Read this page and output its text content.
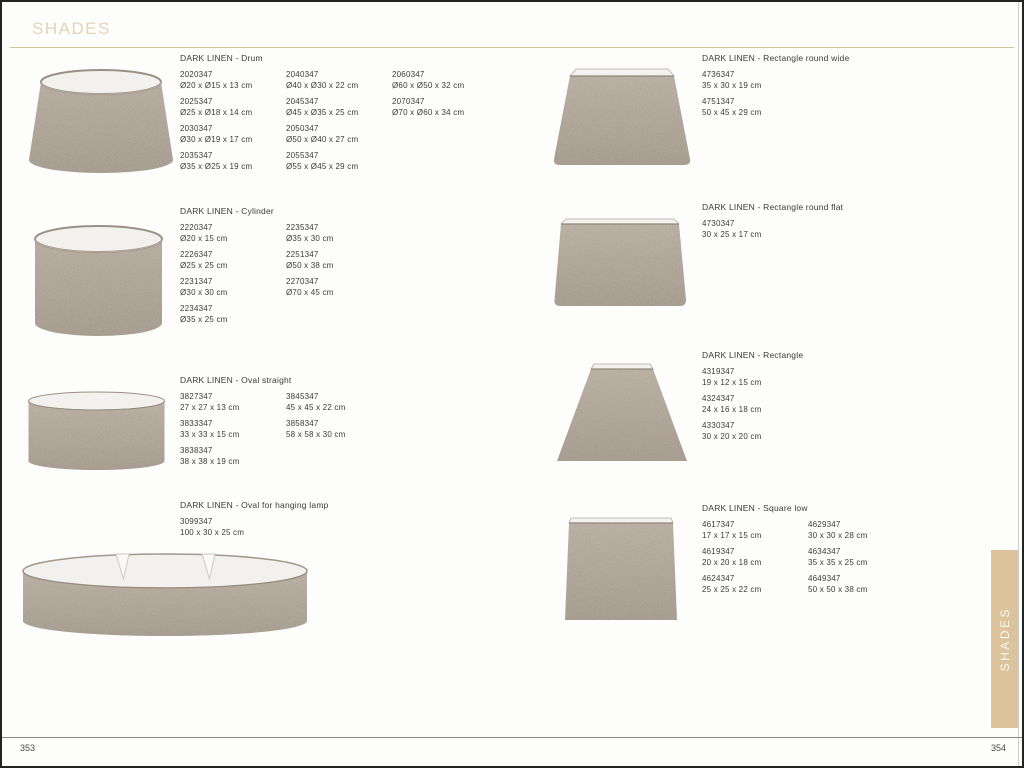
SHADES
DARK LINEN - Drum
2020347
Ø20 x Ø15 x 13 cm
2025347
Ø25 x Ø18 x 14 cm
2030347
Ø30 x Ø19 x 17 cm
2035347
Ø35 x Ø25 x 19 cm
2040347
Ø40 x Ø30 x 22 cm
2045347
Ø45 x Ø35 x 25 cm
2050347
Ø50 x Ø40 x 27 cm
2055347
Ø55 x Ø45 x 29 cm
2060347
Ø60 x Ø50 x 32 cm
2070347
Ø70 x Ø60 x 34 cm
DARK LINEN - Cylinder
2220347
Ø20 x 15 cm
2226347
Ø25 x 25 cm
2231347
Ø30 x 30 cm
2234347
Ø35 x 25 cm
2235347
Ø35 x 30 cm
2251347
Ø50 x 38 cm
2270347
Ø70 x 45 cm
DARK LINEN - Oval straight
3827347
27 x 27 x 13 cm
3833347
33 x 33 x 15 cm
3838347
38 x 38 x 19 cm
3845347
45 x 45 x 22 cm
3858347
58 x 58 x 30 cm
DARK LINEN - Oval for hanging lamp
3099347
100 x 30 x 25 cm
DARK LINEN - Rectangle round wide
4736347
35 x 30 x 19 cm
4751347
50 x 45 x 29 cm
DARK LINEN - Rectangle round flat
4730347
30 x 25 x 17 cm
DARK LINEN - Rectangle
4319347
19 x 12 x 15 cm
4324347
24 x 16 x 18 cm
4330347
30 x 20 x 20 cm
DARK LINEN - Square low
4617347
17 x 17 x 15 cm
4619347
20 x 20 x 18 cm
4624347
25 x 25 x 22 cm
4629347
30 x 30 x 28 cm
4634347
35 x 35 x 25 cm
4649347
50 x 50 x 38 cm
SHADES
353	354
